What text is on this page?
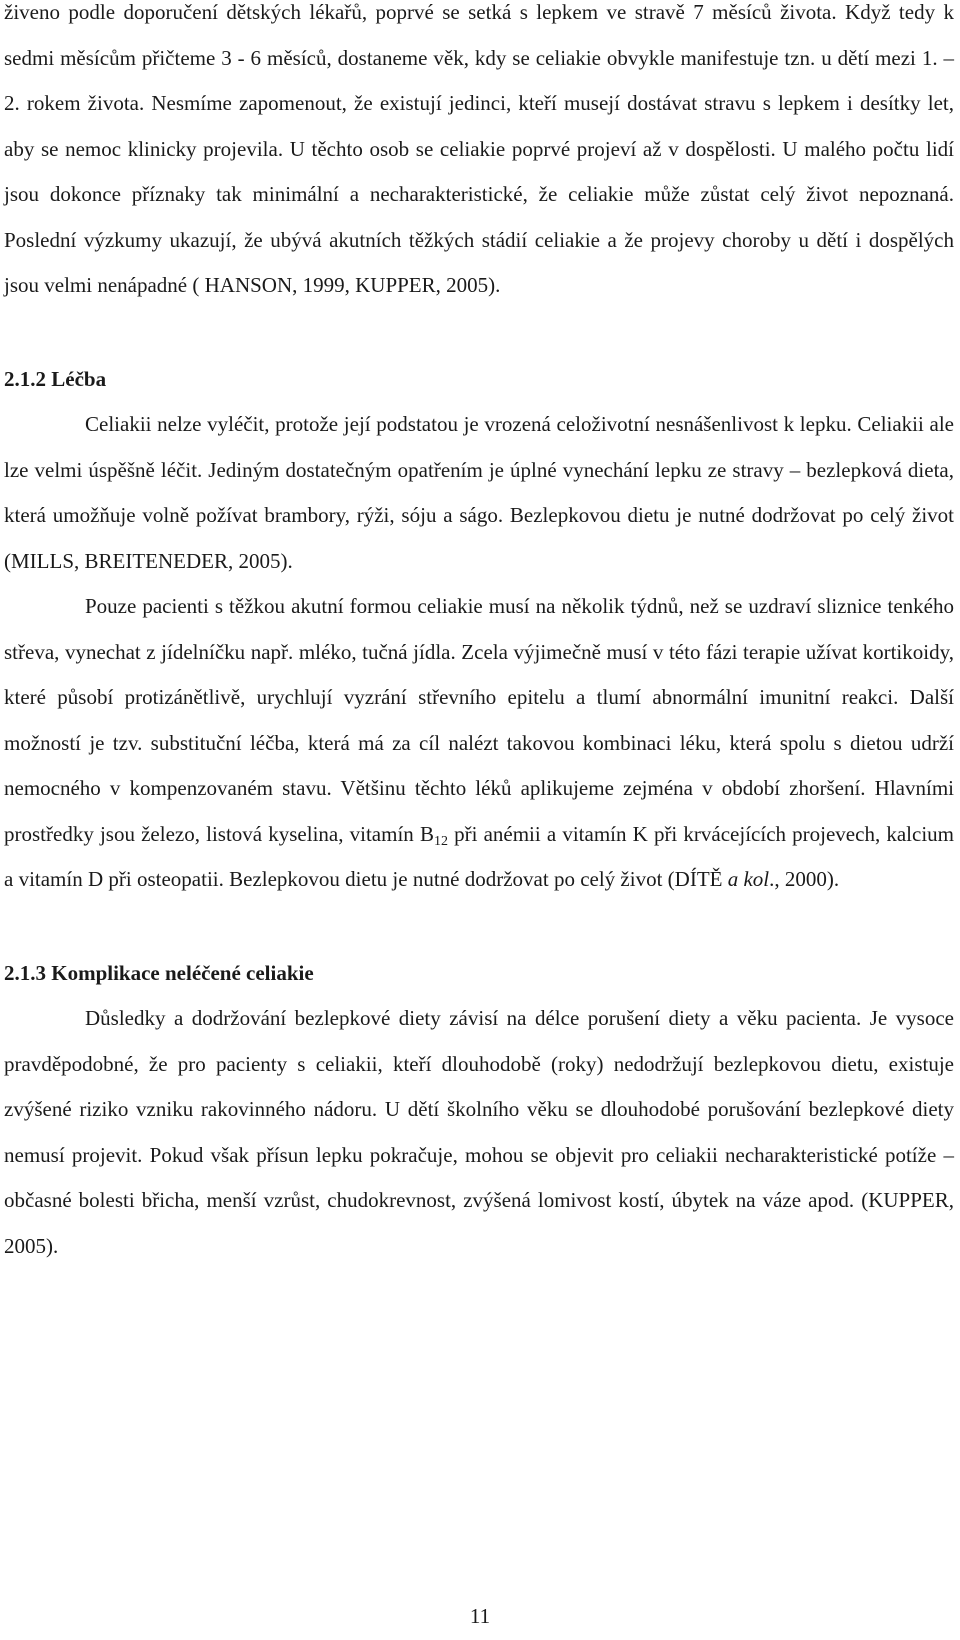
živeno podle doporučení dětských lékařů, poprvé se setká s lepkem ve stravě 7 měsíců života. Když tedy k sedmi měsícům přičteme 3 - 6 měsíců, dostaneme věk, kdy se celiakie obvykle manifestuje tzn. u dětí mezi 1. – 2. rokem života. Nesmíme zapomenout, že existují jedinci, kteří musejí dostávat stravu s lepkem i desítky let, aby se nemoc klinicky projevila. U těchto osob se celiakie poprvé projeví až v dospělosti. U malého počtu lidí jsou dokonce příznaky tak minimální a necharakteristické, že celiakie může zůstat celý život nepoznaná. Poslední výzkumy ukazují, že ubývá akutních těžkých stádií celiakie a že projevy choroby u dětí i dospělých jsou velmi nenápadné ( HANSON, 1999, KUPPER, 2005).

2.1.2 Léčba

Celiakii nelze vyléčit, protože její podstatou je vrozená celoživotní nesnášenlivost k lepku. Celiakii ale lze velmi úspěšně léčit. Jediným dostatečným opatřením je úplné vynechání lepku ze stravy – bezlepková dieta, která umožňuje volně požívat brambory, rýži, sóju a ságo. Bezlepkovou dietu je nutné dodržovat po celý život (MILLS, BREITENEDER, 2005).

Pouze pacienti s těžkou akutní formou celiakie musí na několik týdnů, než se uzdraví sliznice tenkého střeva, vynechat z jídelníčku např. mléko, tučná jídla. Zcela výjimečně musí v této fázi terapie užívat kortikoidy, které působí protizánětlivě, urychlují vyzrání střevního epitelu a tlumí abnormální imunitní reakci. Další možností je tzv. substituční léčba, která má za cíl nalézt takovou kombinaci léku, která spolu s dietou udrží nemocného v kompenzovaném stavu. Většinu těchto léků aplikujeme zejména v období zhoršení. Hlavními prostředky jsou železo, listová kyselina, vitamín $B_{12}$ při anémii a vitamín K při krvácejících projevech, kalcium a vitamín D při osteopatii. Bezlepkovou dietu je nutné dodržovat po celý život (DÍTĚ a kol., 2000).

2.1.3 Komplikace neléčené celiakie

Důsledky a dodržování bezlepkové diety závisí na délce porušení diety a věku pacienta. Je vysoce pravděpodobné, že pro pacienty s celiakii, kteří dlouhodobě (roky) nedodržují bezlepkovou dietu, existuje zvýšené riziko vzniku rakovinného nádoru. U dětí školního věku se dlouhodobé porušování bezlepkové diety nemusí projevit. Pokud však přísun lepku pokračuje, mohou se objevit pro celiakii necharakteristické potíže – občasné bolesti břicha, menší vzrůst, chudokrevnost, zvýšená lomivost kostí, úbytek na váze apod. (KUPPER, 2005).

11
